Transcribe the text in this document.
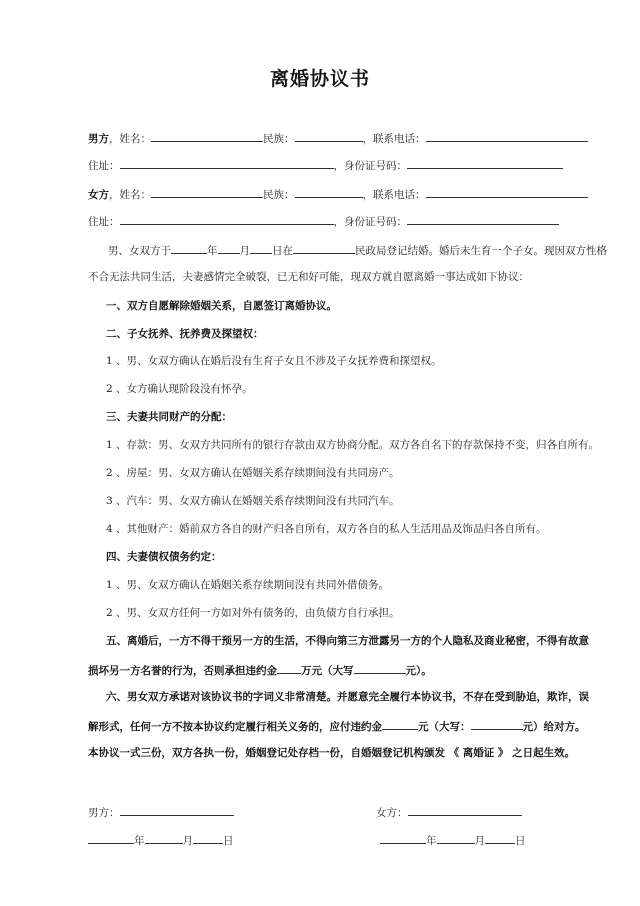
离婚协议书
男方，姓名：	民族：	，联系电话：
住址：	，身份证号码：
女方，姓名：	民族：	，联系电话：
住址：	，身份证号码：
男、女双方于	年 月 日在	民政局登记结婚。婚后未生育一个子女。现因双方性格
不合无法共同生活，夫妻感情完全破裂，已无和好可能，现双方就自愿离婚一事达成如下协议：
一、双方自愿解除婚姻关系，自愿签订离婚协议。
二、子女抚养、抚养费及探望权：
1 、男、女双方确认在婚后没有生育子女且不涉及子女抚养费和探望权。
2 、女方确认现阶段没有怀孕。
三、夫妻共同财产的分配：
1 、存款：男、女双方共同所有的银行存款由双方协商分配。双方各自名下的存款保持不变，归各自所有。
2 、房屋：男、女双方确认在婚姻关系存续期间没有共同房产。
3 、汽车：男、女双方确认在婚姻关系存续期间没有共同汽车。
4 、其他财产：婚前双方各自的财产归各自所有，双方各自的私人生活用品及饰品归各自所有。
四、夫妻债权债务约定：
1 、男、女双方确认在婚姻关系存续期间没有共同外借债务。
2 、男、女双方任何一方如对外有债务的，由负债方自行承担。
五、离婚后，一方不得干预另一方的生活，不得向第三方泄露另一方的个人隐私及商业秘密，不得有故意
损坏另一方名誉的行为，否则承担违约金 万元（大写	元）。
六、男女双方承诺对该协议书的字词义非常清楚。并愿意完全履行本协议书，不存在受到胁迫，欺诈，误
解形式，任何一方不按本协议约定履行相关义务的，应付违约金	元（大写：	元）给对方。
本协议一式三份，双方各执一份，婚姻登记处存档一份，自婚姻登记机构颁发 《 离婚证 》 之日起生效。
男方：	女方：
年	月	日	年	月	日
